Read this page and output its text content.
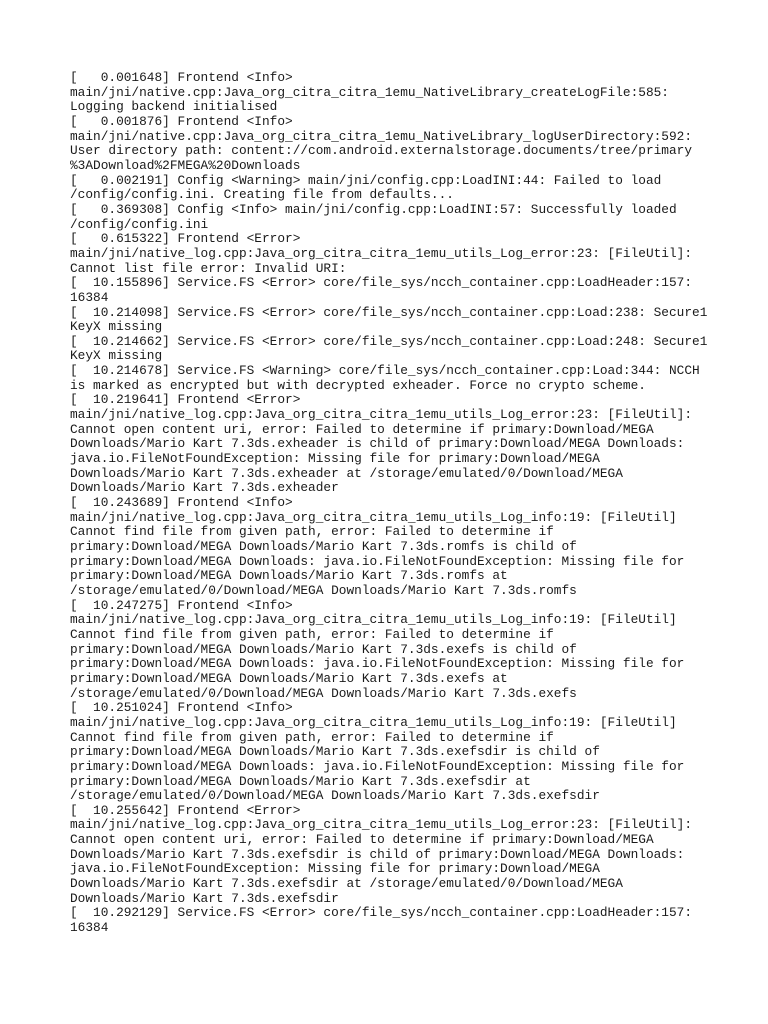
[   0.001648] Frontend <Info>
main/jni/native.cpp:Java_org_citra_citra_1emu_NativeLibrary_createLogFile:585:
Logging backend initialised
[   0.001876] Frontend <Info>
main/jni/native.cpp:Java_org_citra_citra_1emu_NativeLibrary_logUserDirectory:592:
User directory path: content://com.android.externalstorage.documents/tree/primary
%3ADownload%2FMEGA%20Downloads
[   0.002191] Config <Warning> main/jni/config.cpp:LoadINI:44: Failed to load
/config/config.ini. Creating file from defaults...
[   0.369308] Config <Info> main/jni/config.cpp:LoadINI:57: Successfully loaded
/config/config.ini
[   0.615322] Frontend <Error>
main/jni/native_log.cpp:Java_org_citra_citra_1emu_utils_Log_error:23: [FileUtil]:
Cannot list file error: Invalid URI:
[  10.155896] Service.FS <Error> core/file_sys/ncch_container.cpp:LoadHeader:157:
16384
[  10.214098] Service.FS <Error> core/file_sys/ncch_container.cpp:Load:238: Secure1
KeyX missing
[  10.214662] Service.FS <Error> core/file_sys/ncch_container.cpp:Load:248: Secure1
KeyX missing
[  10.214678] Service.FS <Warning> core/file_sys/ncch_container.cpp:Load:344: NCCH
is marked as encrypted but with decrypted exheader. Force no crypto scheme.
[  10.219641] Frontend <Error>
main/jni/native_log.cpp:Java_org_citra_citra_1emu_utils_Log_error:23: [FileUtil]:
Cannot open content uri, error: Failed to determine if primary:Download/MEGA
Downloads/Mario Kart 7.3ds.exheader is child of primary:Download/MEGA Downloads:
java.io.FileNotFoundException: Missing file for primary:Download/MEGA
Downloads/Mario Kart 7.3ds.exheader at /storage/emulated/0/Download/MEGA
Downloads/Mario Kart 7.3ds.exheader
[  10.243689] Frontend <Info>
main/jni/native_log.cpp:Java_org_citra_citra_1emu_utils_Log_info:19: [FileUtil]
Cannot find file from given path, error: Failed to determine if
primary:Download/MEGA Downloads/Mario Kart 7.3ds.romfs is child of
primary:Download/MEGA Downloads: java.io.FileNotFoundException: Missing file for
primary:Download/MEGA Downloads/Mario Kart 7.3ds.romfs at
/storage/emulated/0/Download/MEGA Downloads/Mario Kart 7.3ds.romfs
[  10.247275] Frontend <Info>
main/jni/native_log.cpp:Java_org_citra_citra_1emu_utils_Log_info:19: [FileUtil]
Cannot find file from given path, error: Failed to determine if
primary:Download/MEGA Downloads/Mario Kart 7.3ds.exefs is child of
primary:Download/MEGA Downloads: java.io.FileNotFoundException: Missing file for
primary:Download/MEGA Downloads/Mario Kart 7.3ds.exefs at
/storage/emulated/0/Download/MEGA Downloads/Mario Kart 7.3ds.exefs
[  10.251024] Frontend <Info>
main/jni/native_log.cpp:Java_org_citra_citra_1emu_utils_Log_info:19: [FileUtil]
Cannot find file from given path, error: Failed to determine if
primary:Download/MEGA Downloads/Mario Kart 7.3ds.exefsdir is child of
primary:Download/MEGA Downloads: java.io.FileNotFoundException: Missing file for
primary:Download/MEGA Downloads/Mario Kart 7.3ds.exefsdir at
/storage/emulated/0/Download/MEGA Downloads/Mario Kart 7.3ds.exefsdir
[  10.255642] Frontend <Error>
main/jni/native_log.cpp:Java_org_citra_citra_1emu_utils_Log_error:23: [FileUtil]:
Cannot open content uri, error: Failed to determine if primary:Download/MEGA
Downloads/Mario Kart 7.3ds.exefsdir is child of primary:Download/MEGA Downloads:
java.io.FileNotFoundException: Missing file for primary:Download/MEGA
Downloads/Mario Kart 7.3ds.exefsdir at /storage/emulated/0/Download/MEGA
Downloads/Mario Kart 7.3ds.exefsdir
[  10.292129] Service.FS <Error> core/file_sys/ncch_container.cpp:LoadHeader:157:
16384
